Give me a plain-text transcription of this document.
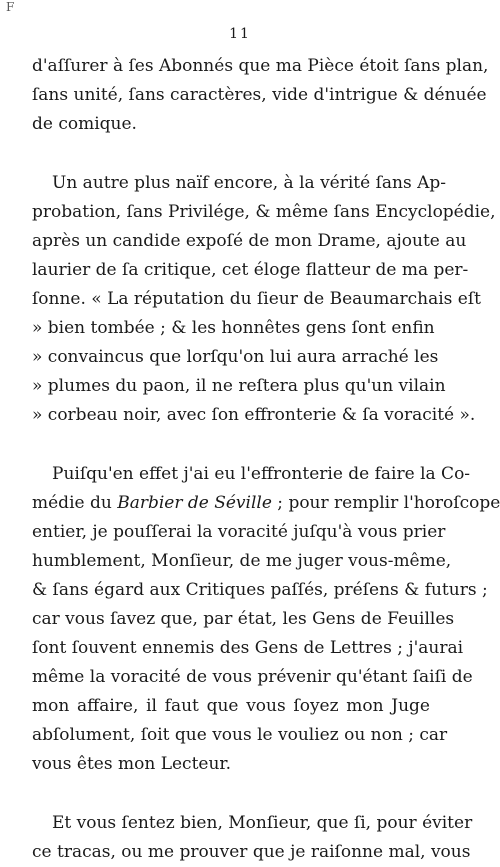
F
11
d'aſſurer à ſes Abonnés que ma Pièce étoit ſans plan,
ſans unité, ſans caractères, vide d'intrigue & dénuée
de comique.
Un autre plus naïf encore, à la vérité ſans Ap-
probation, ſans Privilége, & même ſans Encyclopédie,
après un candide expoſé de mon Drame, ajoute au
laurier de ſa critique, cet éloge flatteur de ma per-
ſonne. « La réputation du ſieur de Beaumarchais eſt
» bien tombée ; & les honnêtes gens ſont enfin
» convaincus que lorſqu'on lui aura arraché les
» plumes du paon, il ne reſtera plus qu'un vilain
» corbeau noir, avec ſon effronterie & ſa voracité ».
Puiſqu'en effet j'ai eu l'effronterie de faire la Co-
médie du Barbier de Séville ; pour remplir l'horoſcope
entier, je pouſſerai la voracité juſqu'à vous prier
humblement, Monſieur, de me juger vous-même,
& ſans égard aux Critiques paſſés, préſens & futurs ;
car vous ſavez que, par état, les Gens de Feuilles
ſont ſouvent ennemis des Gens de Lettres ; j'aurai
même la voracité de vous prévenir qu'étant ſaiſi de
mon affaire, il faut que vous ſoyez mon Juge
abſolument, ſoit que vous le vouliez ou non ; car
vous êtes mon Lecteur.
Et vous ſentez bien, Monſieur, que ſi, pour éviter
ce tracas, ou me prouver que je raiſonne mal, vous
